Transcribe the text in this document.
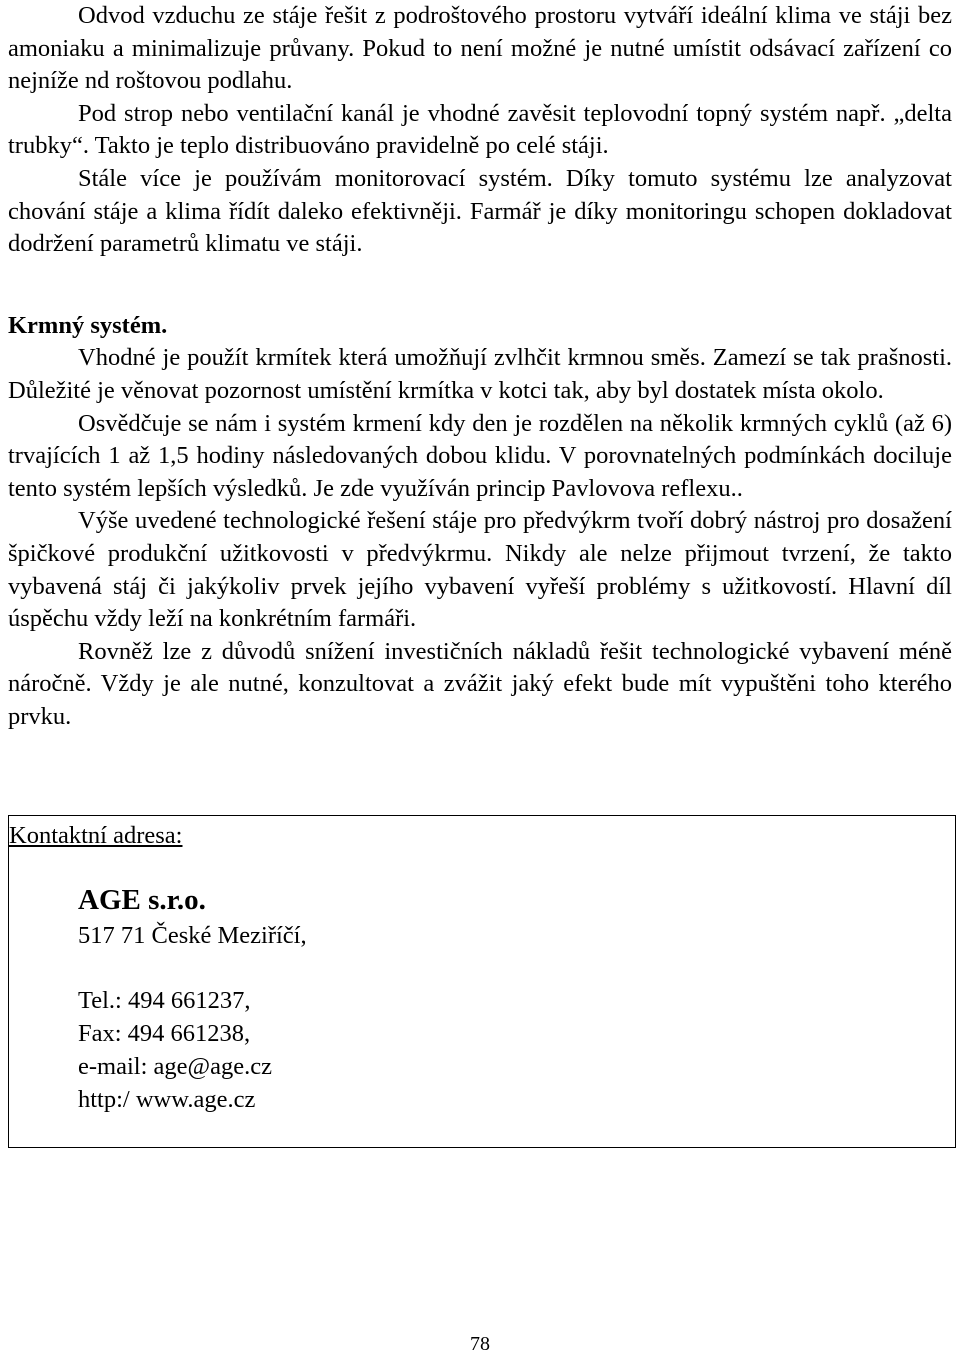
Odvod vzduchu ze stáje řešit z podroštového prostoru vytváří ideální klima ve stáji bez amoniaku a minimalizuje průvany. Pokud to není možné je nutné umístit odsávací zařízení co nejníže nd roštovou podlahu.

Pod strop nebo ventilační kanál je vhodné zavěsit teplovodní topný systém např. „delta trubky“. Takto je teplo distribuováno pravidelně po celé stáji.

Stále více je používám monitorovací systém. Díky tomuto systému lze analyzovat chování stáje a klima řídít daleko efektivněji. Farmář je díky monitoringu schopen dokladovat dodržení parametrů klimatu ve stáji.

Krmný systém.

Vhodné je použít krmítek která umožňují zvlhčit krmnou směs. Zamezí se tak prašnosti. Důležité je věnovat pozornost umístění krmítka v kotci tak, aby byl dostatek místa okolo.

Osvědčuje se nám i systém krmení kdy den je rozdělen na několik krmných cyklů (až 6) trvajících 1 až 1,5 hodiny následovaných dobou klidu. V porovnatelných podmínkách dociluje tento systém lepších výsledků. Je zde využíván princip Pavlovova reflexu..

Výše uvedené technologické řešení stáje pro předvýkrm tvoří dobrý nástroj pro dosažení špičkové produkční užitkovosti v předvýkrmu. Nikdy ale nelze přijmout tvrzení, že takto vybavená stáj či jakýkoliv prvek jejího vybavení vyřeší problémy s užitkovostí. Hlavní díl úspěchu vždy leží na konkrétním farmáři.

Rovněž lze z důvodů snížení investičních nákladů řešit technologické vybavení méně náročně. Vždy je ale nutné, konzultovat a zvážit jaký efekt bude mít vypuštěni toho kterého prvku.

Kontaktní adresa:
AGE s.r.o.
517 71 České Meziříčí,
Tel.: 494 661237,
Fax: 494 661238,
e-mail: age@age.cz
http:/ www.age.cz
78
